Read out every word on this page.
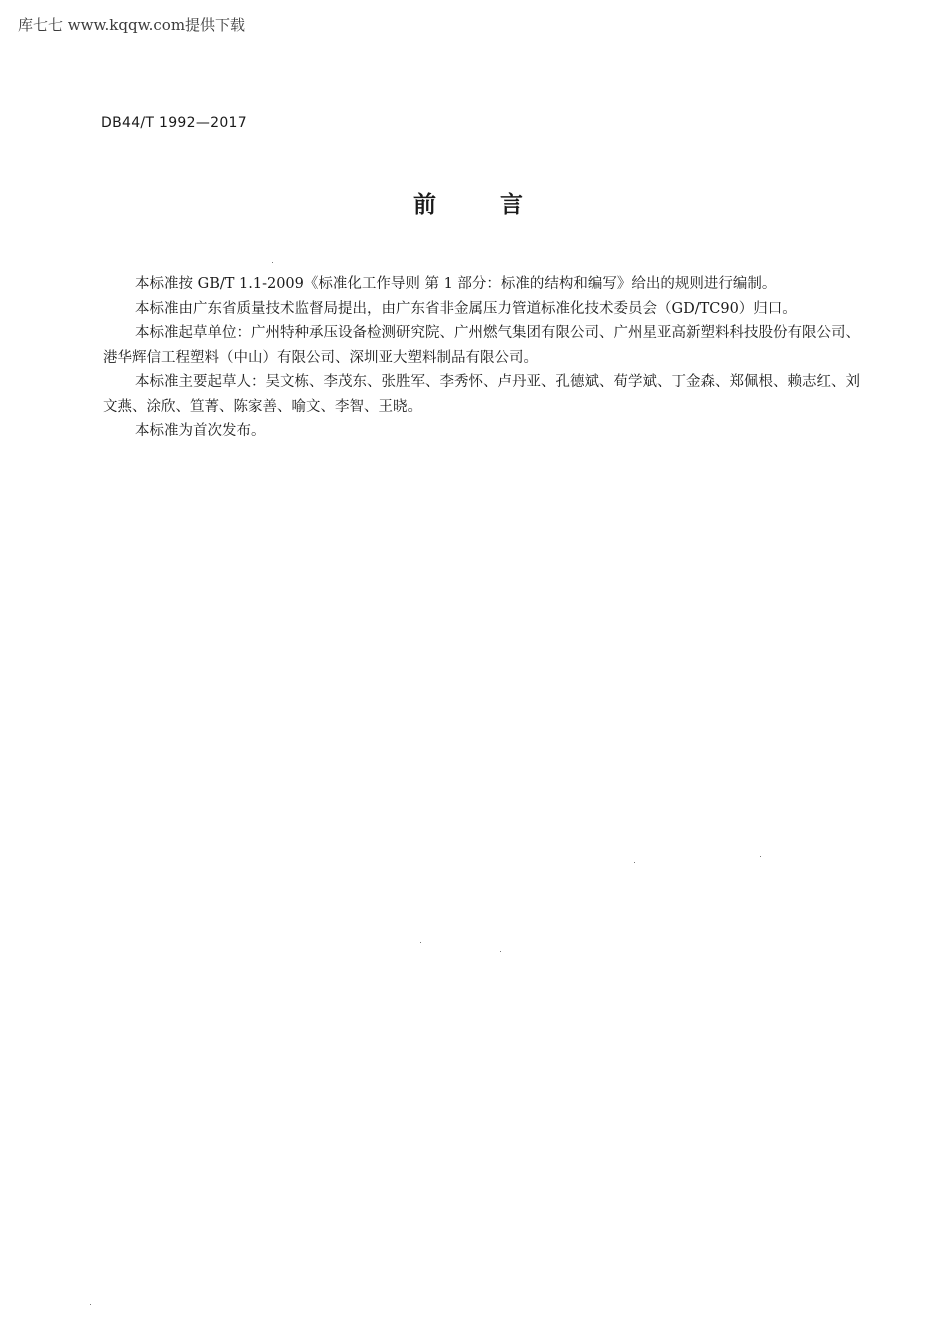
库七七 www.kqqw.com提供下载
DB44/T 1992—2017
前 言

本标准按 GB/T 1.1-2009《标准化工作导则 第 1 部分：标准的结构和编写》给出的规则进行编制。

本标准由广东省质量技术监督局提出，由广东省非金属压力管道标准化技术委员会（GD/TC90）归口。

本标准起草单位：广州特种承压设备检测研究院、广州燃气集团有限公司、广州星亚高新塑料科技股份有限公司、港华辉信工程塑料（中山）有限公司、深圳亚大塑料制品有限公司。

本标准主要起草人：吴文栋、李茂东、张胜军、李秀怀、卢丹亚、孔德斌、荀学斌、丁金森、郑佩根、赖志红、刘文燕、涂欣、笪菁、陈家善、喻文、李智、王晓。

本标准为首次发布。
